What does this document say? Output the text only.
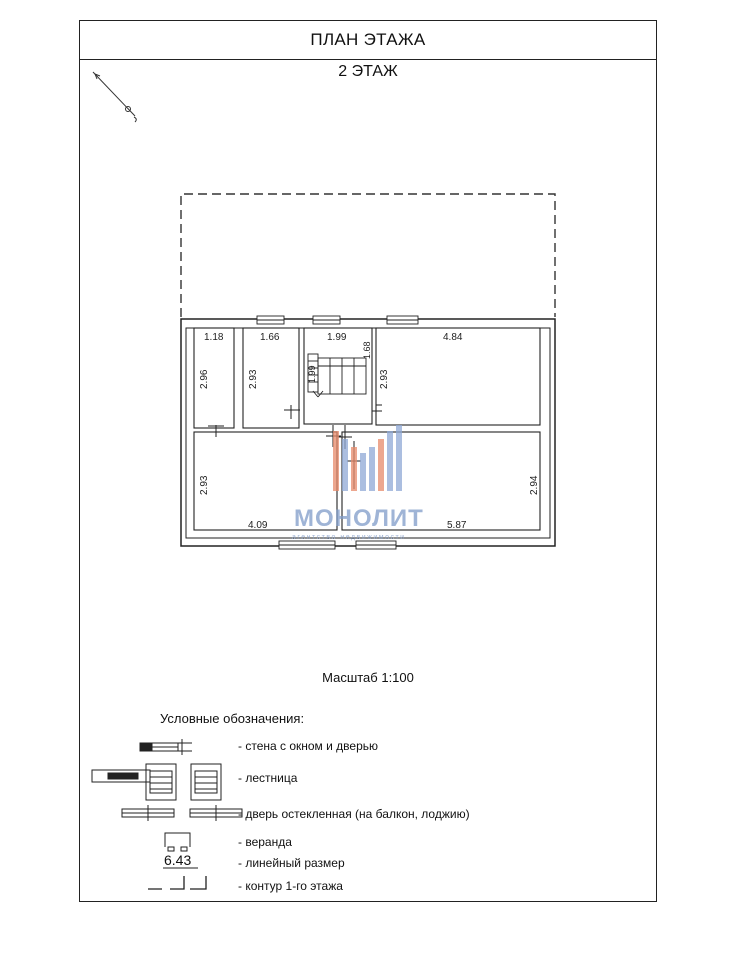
ПЛАН ЭТАЖА
2 ЭТАЖ
1.18	1.66	1.99	4.84
4.09	5.87
2.96	2.93	1.99
1.68
2.93
2.93	2.94
МОНОЛИТ
агентство недвижимости
Масштаб 1:100
Условные обозначения:
- стена с окном и дверью
- лестница
- дверь остекленная (на балкон, лоджию)
- веранда
- линейный размер
- контур 1-го этажа
6.43
